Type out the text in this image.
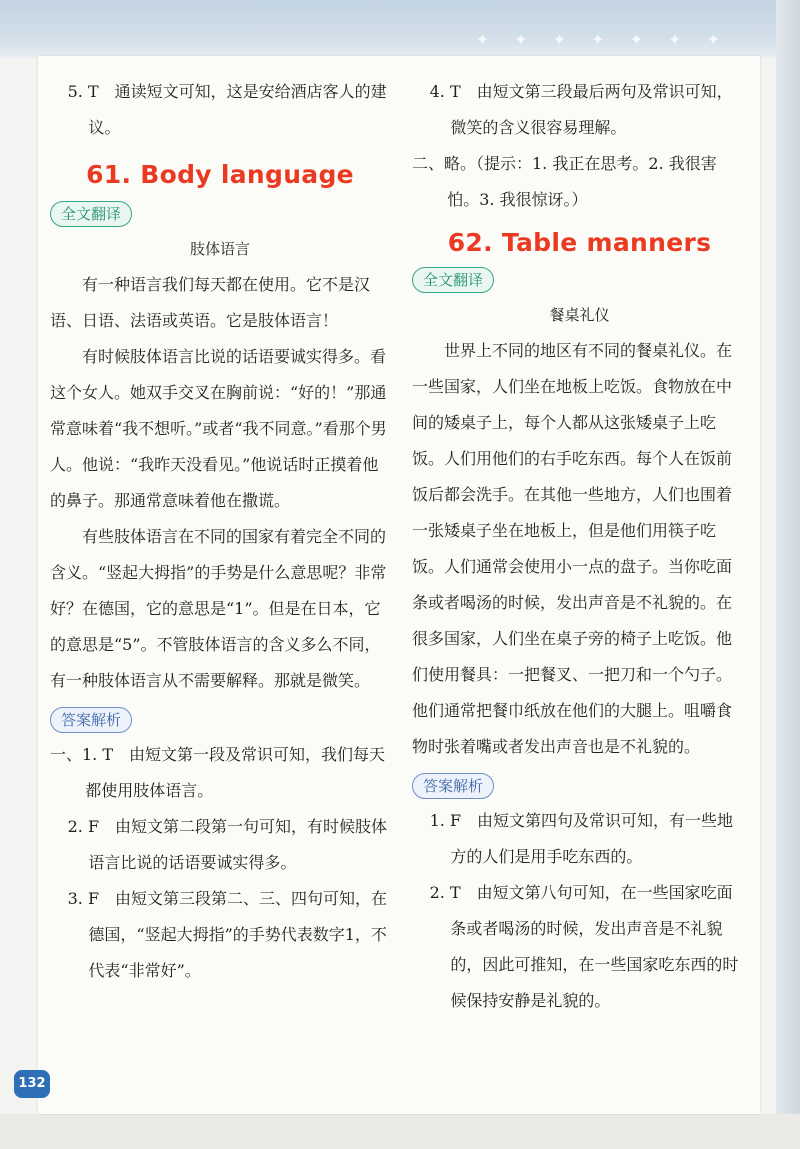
✦ ✦ ✦ ✦ ✦ ✦ ✦

5. T　通读短文可知，这是安给酒店客人的建议。

61. Body language

全文翻译

肢体语言

有一种语言我们每天都在使用。它不是汉语、日语、法语或英语。它是肢体语言！

有时候肢体语言比说的话语要诚实得多。看这个女人。她双手交叉在胸前说：“好的！”那通常意味着“我不想听。”或者“我不同意。”看那个男人。他说：“我昨天没看见。”他说话时正摸着他的鼻子。那通常意味着他在撒谎。

有些肢体语言在不同的国家有着完全不同的含义。“竖起大拇指”的手势是什么意思呢？非常好？在德国，它的意思是“1”。但是在日本，它的意思是“5”。不管肢体语言的含义多么不同，有一种肢体语言从不需要解释。那就是微笑。

答案解析

一、1. T　由短文第一段及常识可知，我们每天都使用肢体语言。

2. F　由短文第二段第一句可知，有时候肢体语言比说的话语要诚实得多。

3. F　由短文第三段第二、三、四句可知，在德国，“竖起大拇指”的手势代表数字1，不代表“非常好”。

4. T　由短文第三段最后两句及常识可知，微笑的含义很容易理解。

二、略。（提示：1. 我正在思考。2. 我很害怕。3. 我很惊讶。）

62. Table manners

全文翻译

餐桌礼仪

世界上不同的地区有不同的餐桌礼仪。在一些国家，人们坐在地板上吃饭。食物放在中间的矮桌子上，每个人都从这张矮桌子上吃饭。人们用他们的右手吃东西。每个人在饭前饭后都会洗手。在其他一些地方，人们也围着一张矮桌子坐在地板上，但是他们用筷子吃饭。人们通常会使用小一点的盘子。当你吃面条或者喝汤的时候，发出声音是不礼貌的。在很多国家，人们坐在桌子旁的椅子上吃饭。他们使用餐具：一把餐叉、一把刀和一个勺子。他们通常把餐巾纸放在他们的大腿上。咀嚼食物时张着嘴或者发出声音也是不礼貌的。

答案解析

1. F　由短文第四句及常识可知，有一些地方的人们是用手吃东西的。

2. T　由短文第八句可知，在一些国家吃面条或者喝汤的时候，发出声音是不礼貌的，因此可推知，在一些国家吃东西的时候保持安静是礼貌的。

132
